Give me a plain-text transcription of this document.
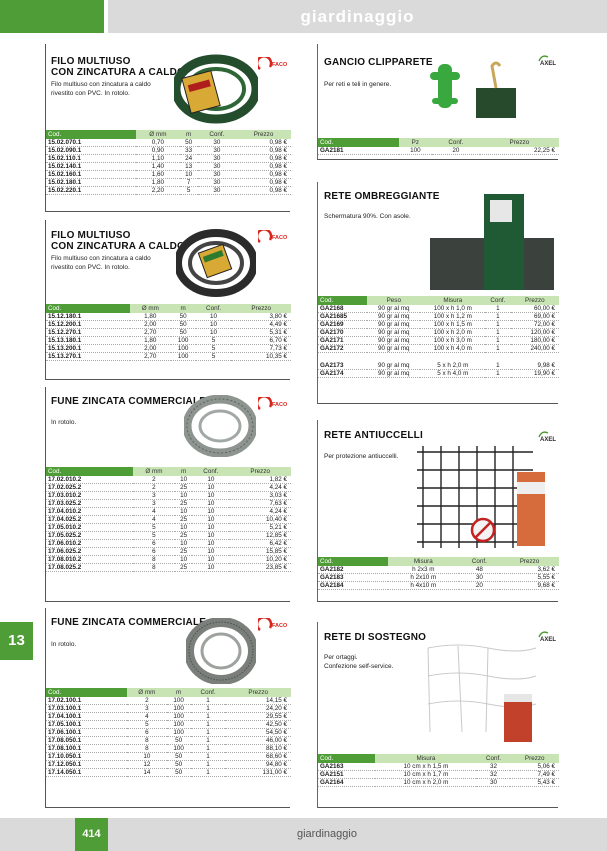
giardinaggio
FILO MULTIUSO
CON ZINCATURA A CALDO
Filo multiuso con zincatura a caldo
rivestito con PVC. In rotolo.
FACO
Cod.	Ø mm	m	Conf.	Prezzo
15.02.070.1	0,70	50	30	0,98 €
15.02.090.1	0,90	33	30	0,98 €
15.02.110.1	1,10	24	30	0,98 €
15.02.140.1	1,40	13	30	0,98 €
15.02.160.1	1,60	10	30	0,98 €
15.02.180.1	1,80	7	30	0,98 €
15.02.220.1	2,20	5	30	0,98 €
FILO MULTIUSO
CON ZINCATURA A CALDO
Filo multiuso con zincatura a caldo
rivestito con PVC. In rotolo.
FACO
Cod.	Ø mm	m	Conf.	Prezzo
15.12.180.1	1,80	50	10	3,80 €
15.12.200.1	2,00	50	10	4,49 €
15.12.270.1	2,70	50	10	5,31 €
15.13.180.1	1,80	100	5	6,70 €
15.13.200.1	2,00	100	5	7,73 €
15.13.270.1	2,70	100	5	10,35 €
FUNE ZINCATA COMMERCIALE
In rotolo.
FACO
Cod.	Ø mm	m	Conf.	Prezzo
17.02.010.2	2	10	10	1,82 €
17.02.025.2	2	25	10	4,24 €
17.03.010.2	3	10	10	3,03 €
17.03.025.2	3	25	10	7,63 €
17.04.010.2	4	10	10	4,24 €
17.04.025.2	4	25	10	10,40 €
17.05.010.2	5	10	10	5,21 €
17.05.025.2	5	25	10	12,85 €
17.06.010.2	6	10	10	6,42 €
17.06.025.2	6	25	10	15,85 €
17.08.010.2	8	10	10	10,20 €
17.08.025.2	8	25	10	23,85 €
FUNE ZINCATA COMMERCIALE
In rotolo.
FACO
Cod.	Ø mm	m	Conf.	Prezzo
17.02.100.1	2	100	1	14,15 €
17.03.100.1	3	100	1	24,20 €
17.04.100.1	4	100	1	29,55 €
17.05.100.1	5	100	1	42,50 €
17.06.100.1	6	100	1	54,50 €
17.08.050.1	8	50	1	46,00 €
17.08.100.1	8	100	1	88,10 €
17.10.050.1	10	50	1	68,60 €
17.12.050.1	12	50	1	94,80 €
17.14.050.1	14	50	1	131,00 €
GANCIO CLIPPARETE
Per reti e teli in genere.
AXEL
Cod.	Pz	Conf.	Prezzo
GA2181	100	20	22,25 €
RETE OMBREGGIANTE
Schermatura 90%. Con asole.
Cod.	Peso	Misura	Conf.	Prezzo
GA2168	90 gr al mq	100 x h 1,0 m	1	60,00 €
GA21685	90 gr al mq	100 x h 1,2 m	1	69,00 €
GA2169	90 gr al mq	100 x h 1,5 m	1	72,00 €
GA2170	90 gr al mq	100 x h 2,0 m	1	120,00 €
GA2171	90 gr al mq	100 x h 3,0 m	1	180,00 €
GA2172	90 gr al mq	100 x h 4,0 m	1	240,00 €

GA2173	90 gr al mq	5 x h 2,0 m	1	9,98 €
GA2174	90 gr al mq	5 x h 4,0 m	1	19,90 €
RETE ANTIUCCELLI
Per protezione antiuccelli.
AXEL
Cod.	Misura	Conf.	Prezzo
GA2182	h 2x3 m	48	3,62 €
GA2183	h 2x10 m	30	5,55 €
GA2184	h 4x10 m	20	9,68 €
RETE DI SOSTEGNO
Per ortaggi.
Confezione self-service.
AXEL
Cod.	Misura	Conf.	Prezzo
GA2163	10 cm x h 1,5 m	32	5,06 €
GA2151	10 cm x h 1,7 m	32	7,49 €
GA2164	10 cm x h 2,0 m	30	5,43 €
13
414	giardinaggio
